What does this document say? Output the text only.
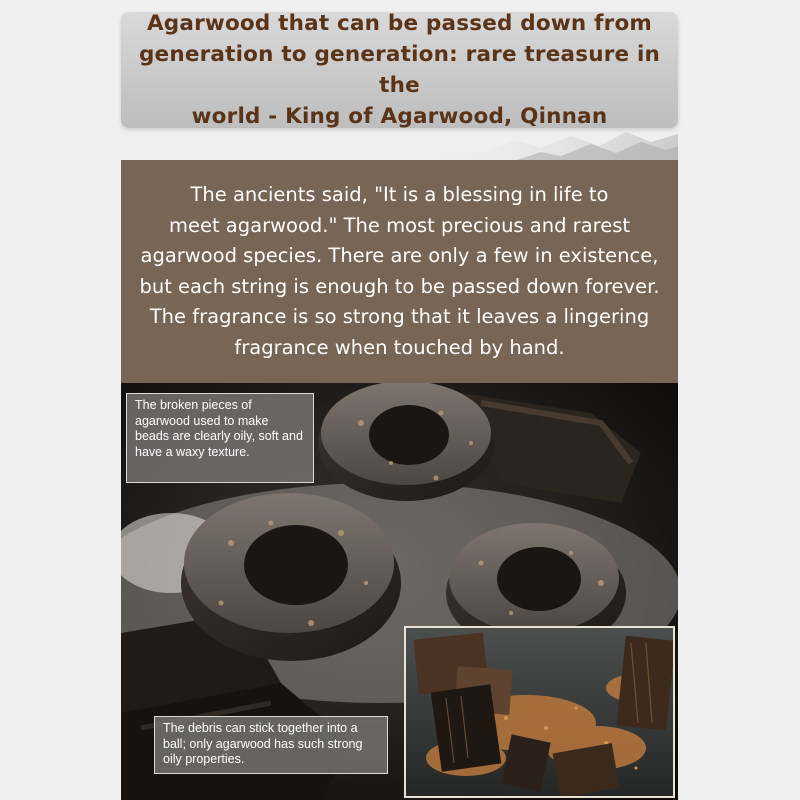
Agarwood that can be passed down from
generation to generation: rare treasure in the
world - King of Agarwood, Qinnan
The ancients said, "It is a blessing in life to
meet agarwood." The most precious and rarest
agarwood species. There are only a few in existence,
but each string is enough to be passed down forever.
The fragrance is so strong that it leaves a lingering
fragrance when touched by hand.
The broken pieces of agarwood used to make beads are clearly oily, soft and have a waxy texture.
The debris can stick together into a ball; only agarwood has such strong oily properties.
